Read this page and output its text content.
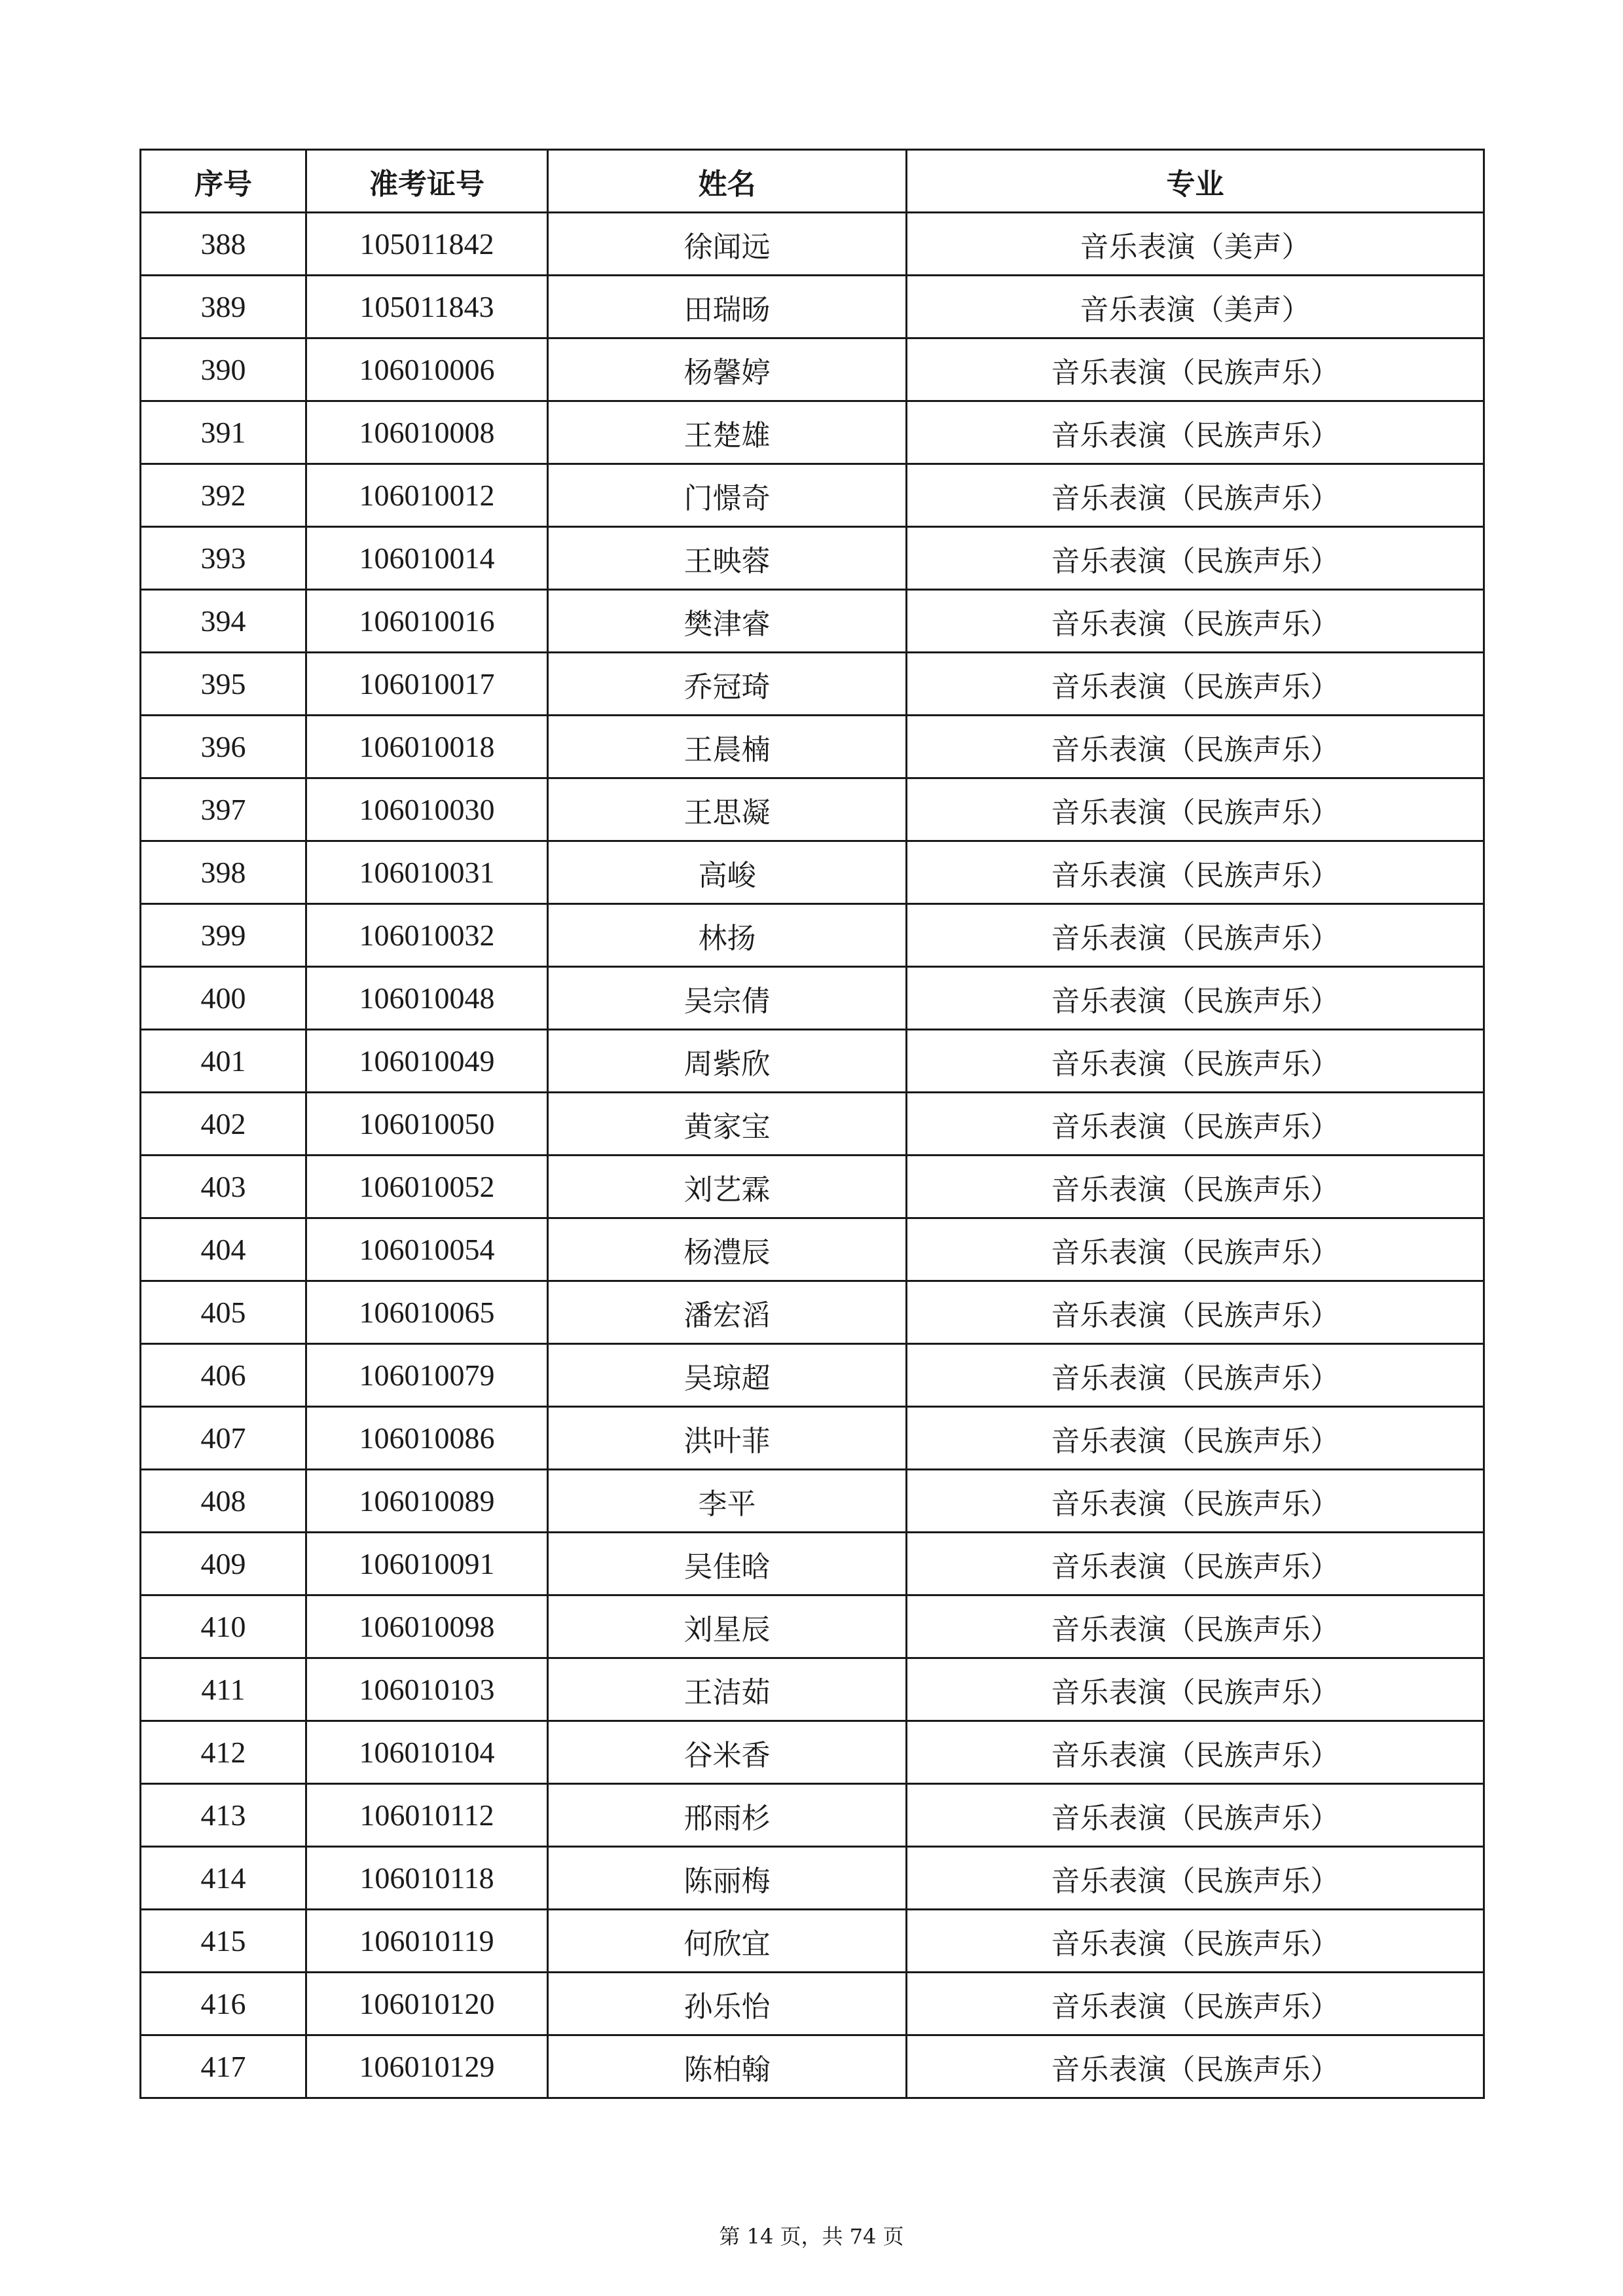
序号	准考证号	姓名	专业
388	105011842	徐闻远	音乐表演（美声）
389	105011843	田瑞旸	音乐表演（美声）
390	106010006	杨馨婷	音乐表演（民族声乐）
391	106010008	王楚雄	音乐表演（民族声乐）
392	106010012	门憬奇	音乐表演（民族声乐）
393	106010014	王映蓉	音乐表演（民族声乐）
394	106010016	樊津睿	音乐表演（民族声乐）
395	106010017	乔冠琦	音乐表演（民族声乐）
396	106010018	王晨楠	音乐表演（民族声乐）
397	106010030	王思凝	音乐表演（民族声乐）
398	106010031	高峻	音乐表演（民族声乐）
399	106010032	林扬	音乐表演（民族声乐）
400	106010048	吴宗倩	音乐表演（民族声乐）
401	106010049	周紫欣	音乐表演（民族声乐）
402	106010050	黄家宝	音乐表演（民族声乐）
403	106010052	刘艺霖	音乐表演（民族声乐）
404	106010054	杨澧辰	音乐表演（民族声乐）
405	106010065	潘宏滔	音乐表演（民族声乐）
406	106010079	吴琼超	音乐表演（民族声乐）
407	106010086	洪叶菲	音乐表演（民族声乐）
408	106010089	李平	音乐表演（民族声乐）
409	106010091	吴佳晗	音乐表演（民族声乐）
410	106010098	刘星辰	音乐表演（民族声乐）
411	106010103	王洁茹	音乐表演（民族声乐）
412	106010104	谷米香	音乐表演（民族声乐）
413	106010112	邢雨杉	音乐表演（民族声乐）
414	106010118	陈丽梅	音乐表演（民族声乐）
415	106010119	何欣宜	音乐表演（民族声乐）
416	106010120	孙乐怡	音乐表演（民族声乐）
417	106010129	陈柏翰	音乐表演（民族声乐）
第 14 页，共 74 页
